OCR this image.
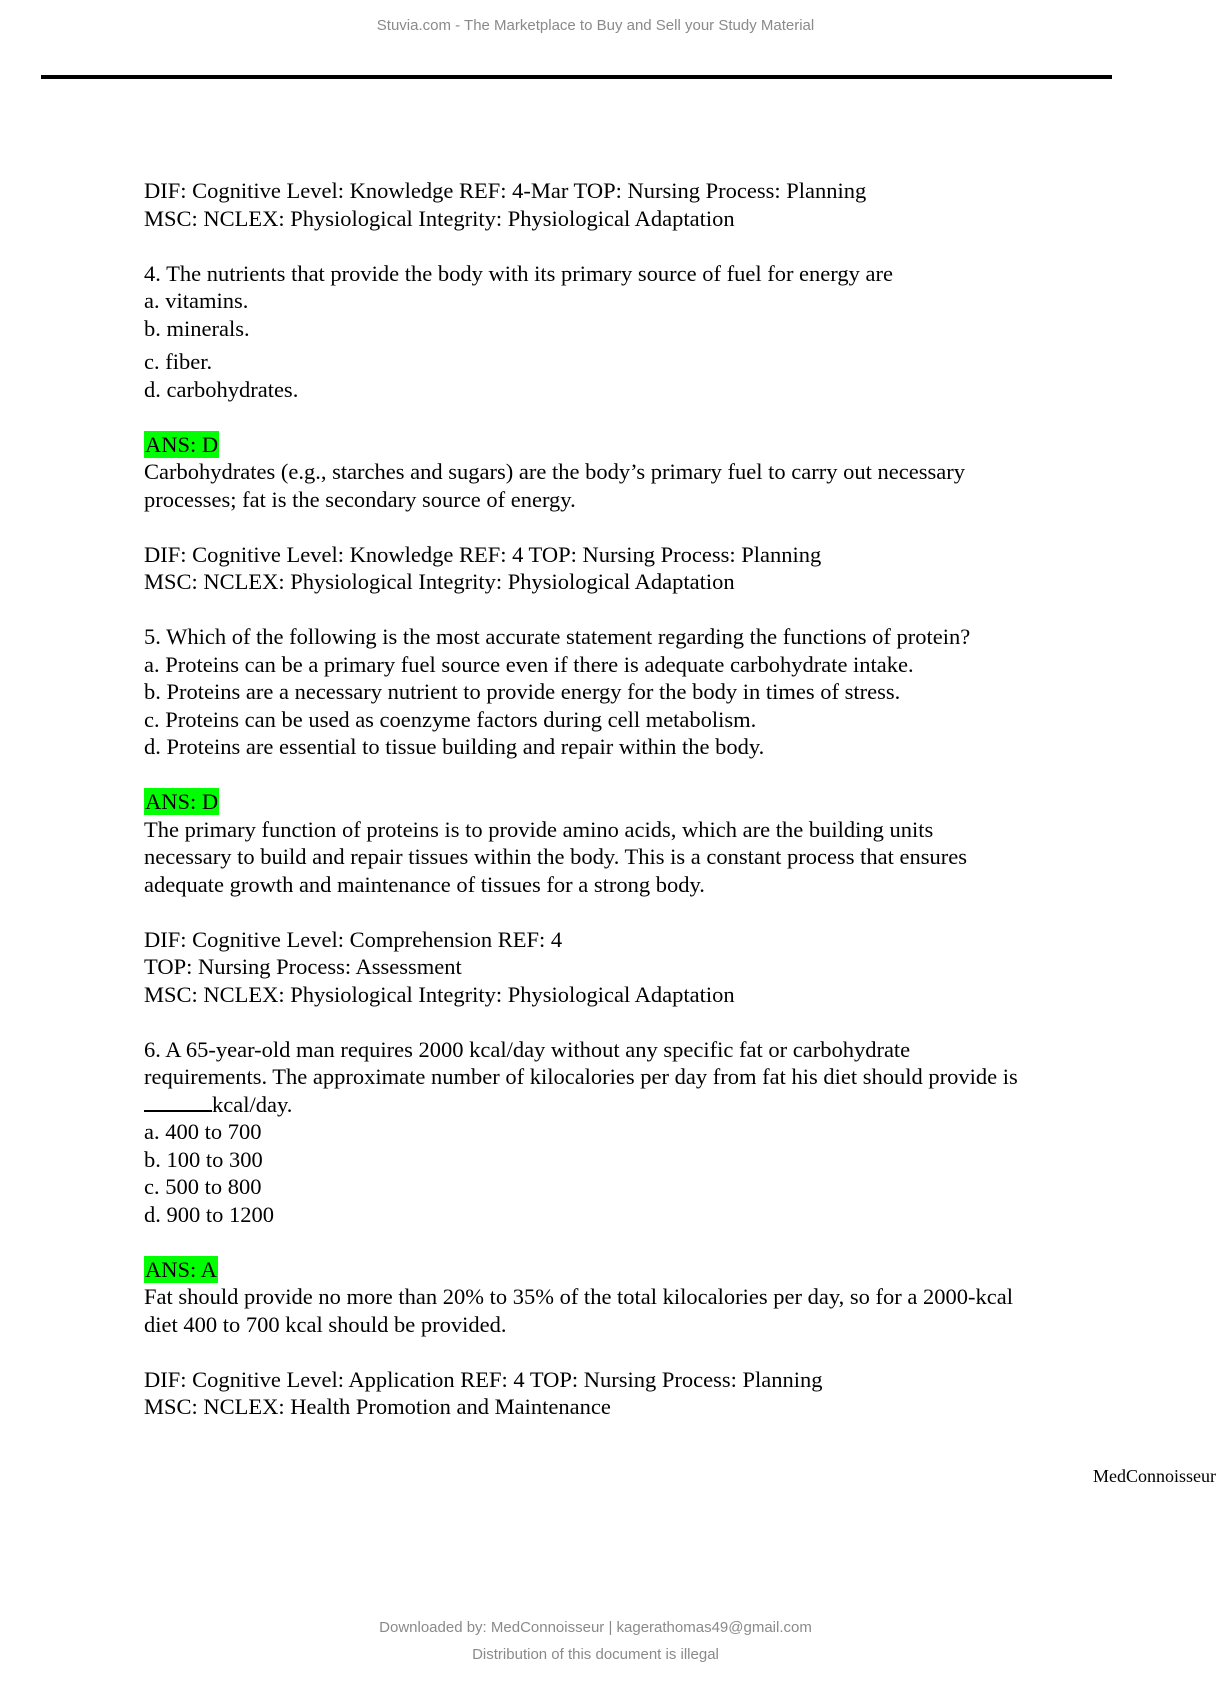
Stuvia.com - The Marketplace to Buy and Sell your Study Material
DIF: Cognitive Level: Knowledge REF: 4-Mar TOP: Nursing Process: Planning
MSC: NCLEX: Physiological Integrity: Physiological Adaptation
4. The nutrients that provide the body with its primary source of fuel for energy are
a. vitamins.
b. minerals.
c. fiber.
d. carbohydrates.
ANS: D
Carbohydrates (e.g., starches and sugars) are the body’s primary fuel to carry out necessary
processes; fat is the secondary source of energy.
DIF: Cognitive Level: Knowledge REF: 4 TOP: Nursing Process: Planning
MSC: NCLEX: Physiological Integrity: Physiological Adaptation
5. Which of the following is the most accurate statement regarding the functions of protein?
a. Proteins can be a primary fuel source even if there is adequate carbohydrate intake.
b. Proteins are a necessary nutrient to provide energy for the body in times of stress.
c. Proteins can be used as coenzyme factors during cell metabolism.
d. Proteins are essential to tissue building and repair within the body.
ANS: D
The primary function of proteins is to provide amino acids, which are the building units
necessary to build and repair tissues within the body. This is a constant process that ensures
adequate growth and maintenance of tissues for a strong body.
DIF: Cognitive Level: Comprehension REF: 4
TOP: Nursing Process: Assessment
MSC: NCLEX: Physiological Integrity: Physiological Adaptation
6. A 65-year-old man requires 2000 kcal/day without any specific fat or carbohydrate
requirements. The approximate number of kilocalories per day from fat his diet should provide is
kcal/day.
a. 400 to 700
b. 100 to 300
c. 500 to 800
d. 900 to 1200
ANS: A
Fat should provide no more than 20% to 35% of the total kilocalories per day, so for a 2000-kcal
diet 400 to 700 kcal should be provided.
DIF: Cognitive Level: Application REF: 4 TOP: Nursing Process: Planning
MSC: NCLEX: Health Promotion and Maintenance
MedConnoisseur
Downloaded by: MedConnoisseur | kagerathomas49@gmail.com
Distribution of this document is illegal
